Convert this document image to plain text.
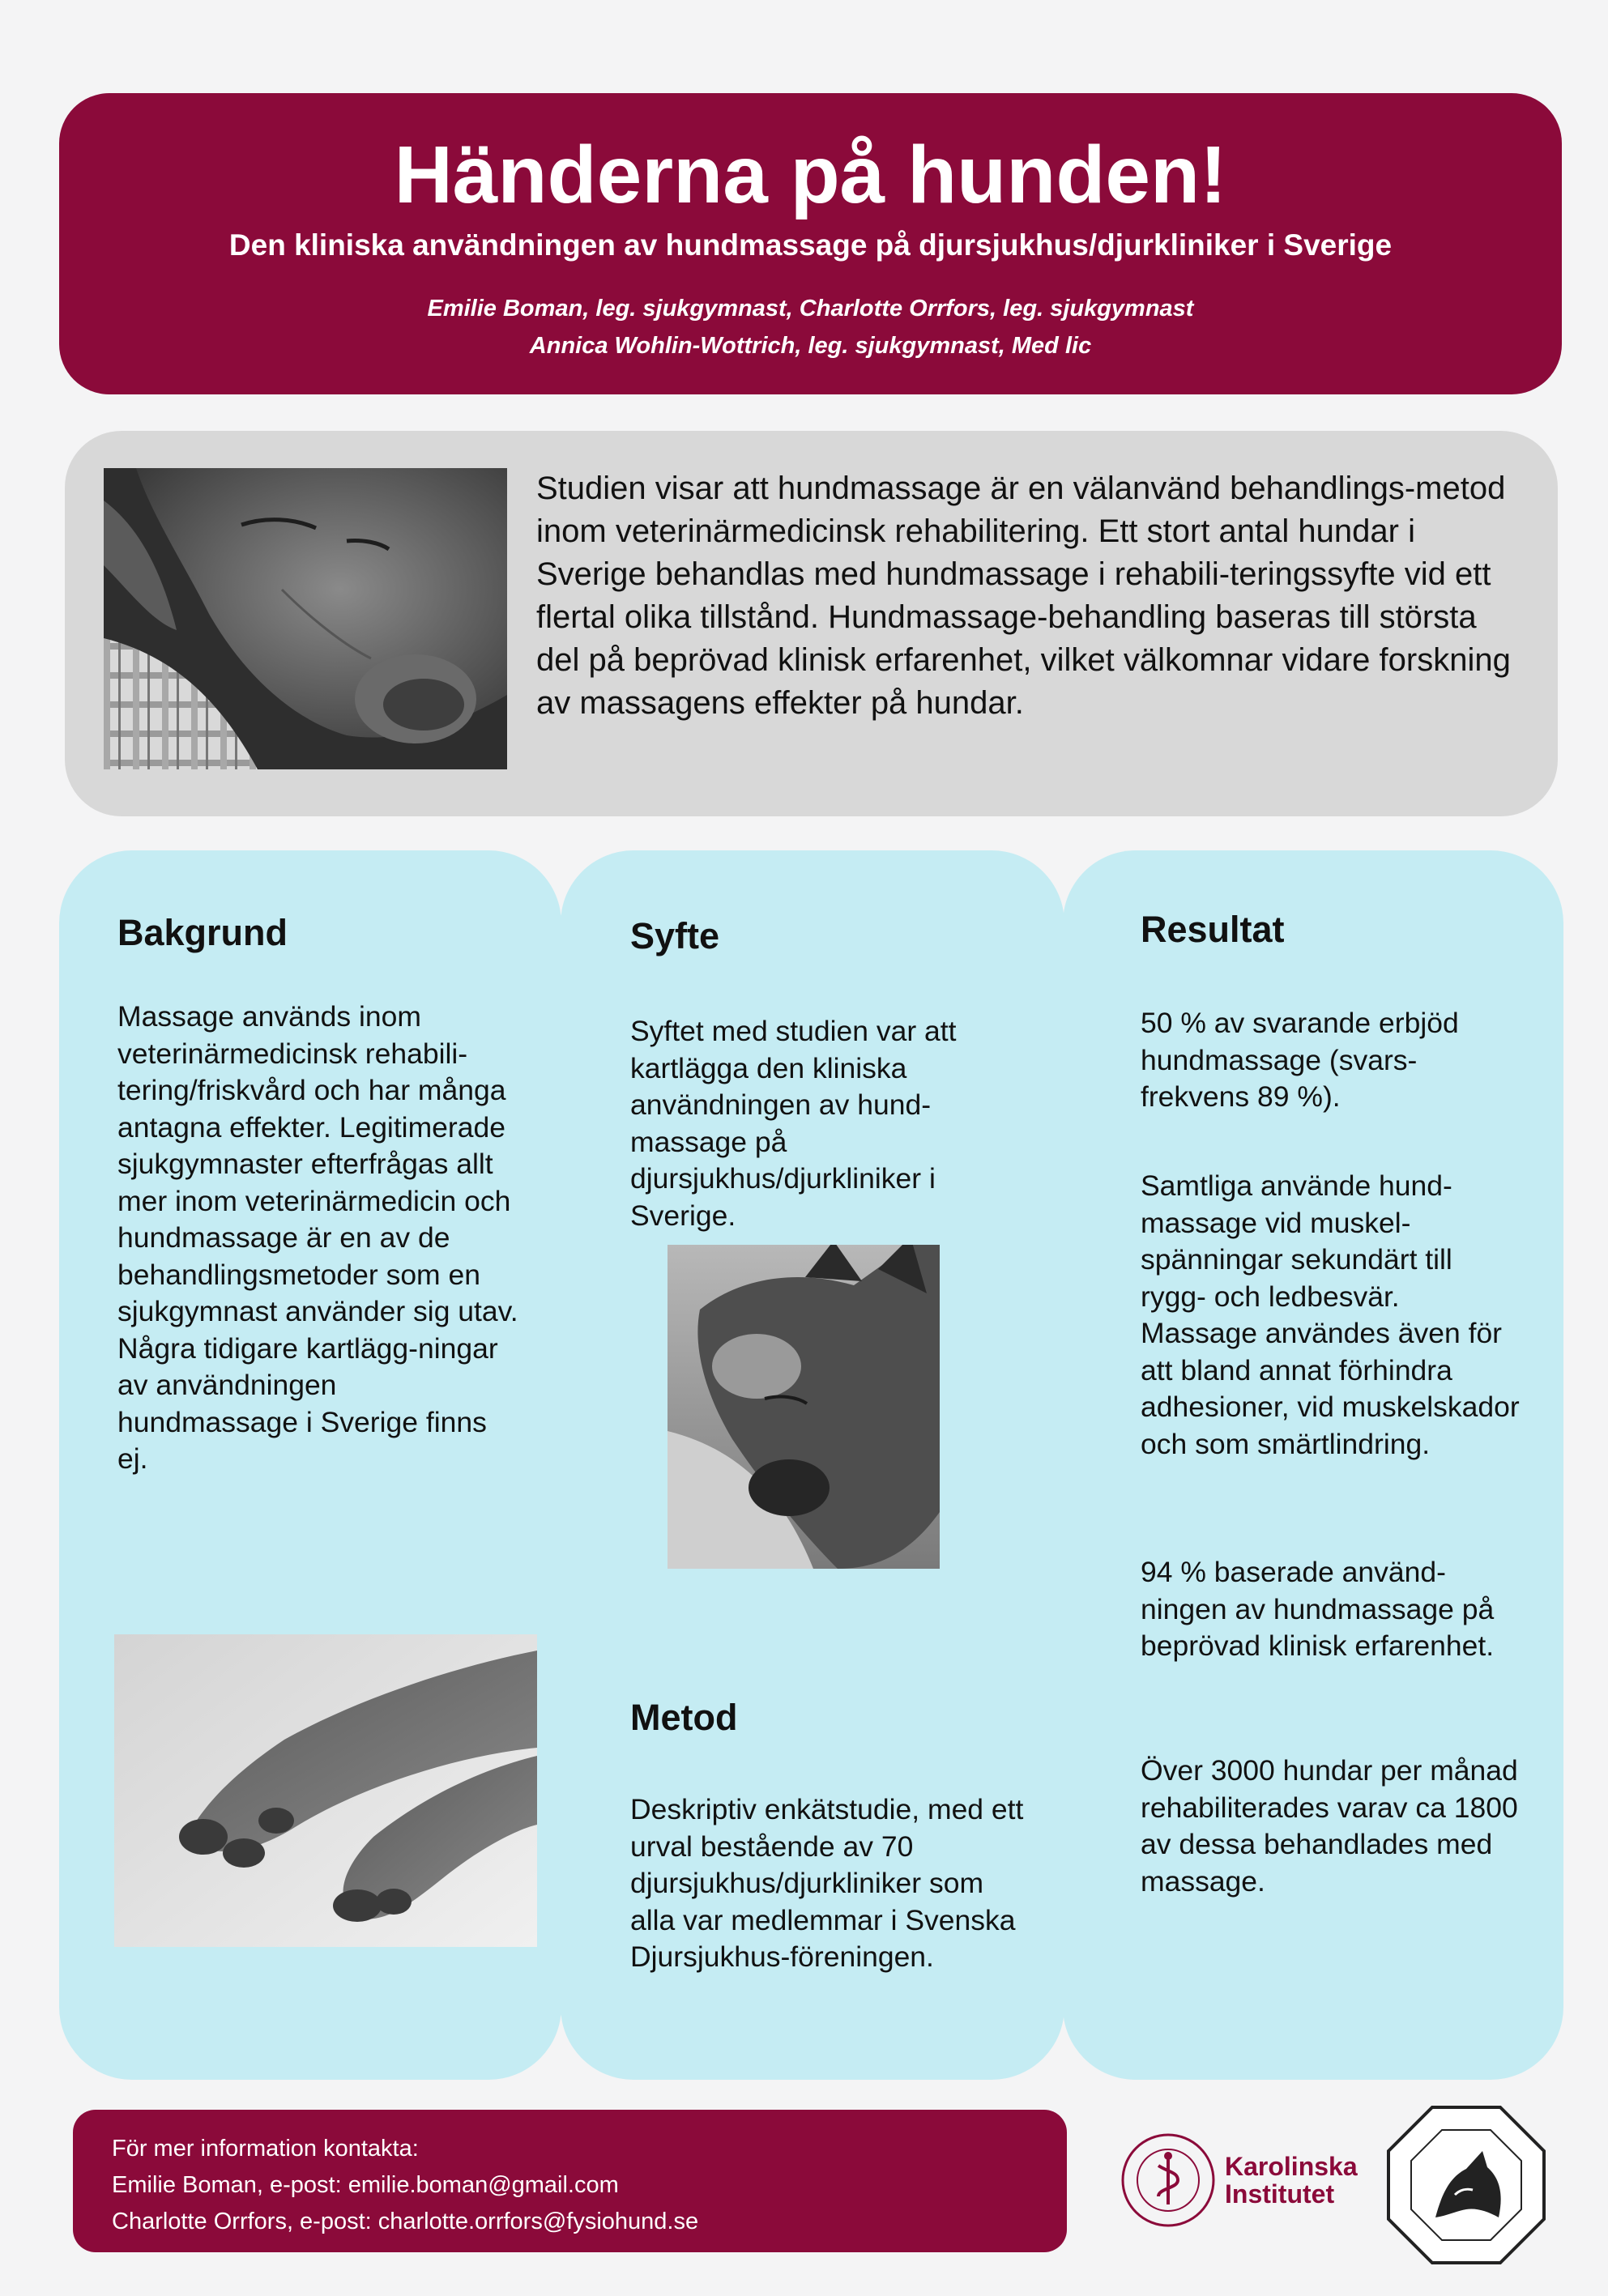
Händerna på hunden!
Den kliniska användningen av hundmassage på djursjukhus/djurkliniker i Sverige
Emilie Boman, leg. sjukgymnast, Charlotte Orrfors, leg. sjukgymnast
Annica Wohlin-Wottrich, leg. sjukgymnast, Med lic

Studien visar att hundmassage är en välanvänd behandlings-metod inom veterinärmedicinsk rehabilitering. Ett stort antal hundar i Sverige behandlas med hundmassage i rehabili-teringssyfte vid ett flertal olika tillstånd. Hundmassage-behandling baseras till största del på beprövad klinisk erfarenhet, vilket välkomnar vidare forskning av massagens effekter på hundar.

Bakgrund

Massage används inom veterinärmedicinsk rehabili-tering/friskvård och har många antagna effekter. Legitimerade sjukgymnaster efterfrågas allt mer inom veterinärmedicin och hundmassage är en av de behandlingsmetoder som en sjukgymnast använder sig utav. Några tidigare kartlägg-ningar av användningen hundmassage i Sverige finns ej.

Syfte

Syftet med studien var att kartlägga den kliniska användningen av hund-massage på djursjukhus/djurkliniker i Sverige.

Metod

Deskriptiv enkätstudie, med ett urval bestående av 70 djursjukhus/djurkliniker som alla var medlemmar i Svenska Djursjukhus-föreningen.

Resultat

50 % av svarande erbjöd hundmassage (svars-frekvens 89 %).

Samtliga använde hund-massage vid muskel-spänningar sekundärt till rygg- och ledbesvär. Massage användes även för att bland annat förhindra adhesioner, vid muskelskador och som smärtlindring.

94 % baserade använd-ningen av hundmassage på beprövad klinisk erfarenhet.

Över 3000 hundar per månad rehabiliterades varav ca 1800 av dessa behandlades med massage.

För mer information kontakta:
Emilie Boman, e-post: emilie.boman@gmail.com
Charlotte Orrfors, e-post: charlotte.orrfors@fysiohund.se
Karolinska
Institutet
